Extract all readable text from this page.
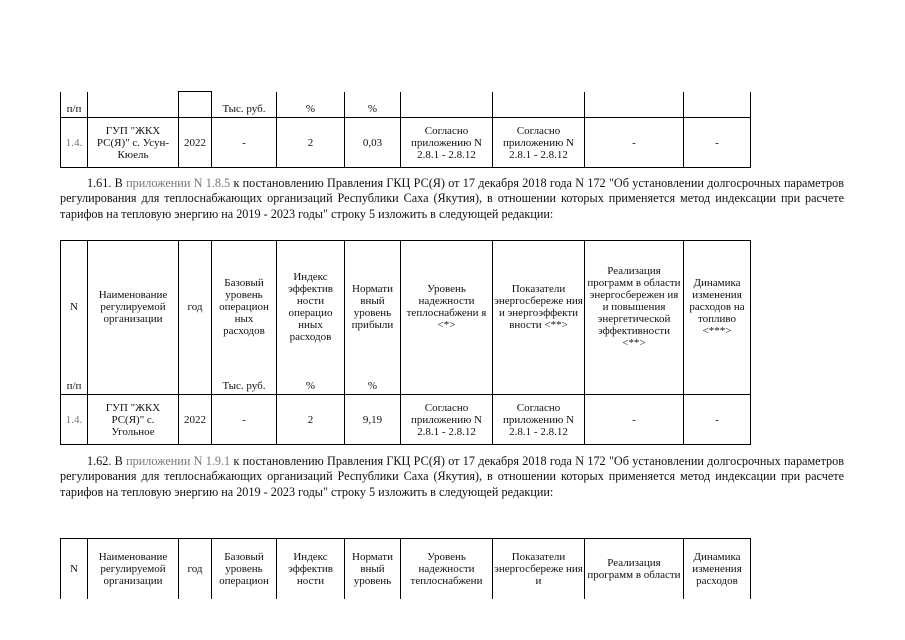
п/п			Тыс. руб.	%	%				
1.4.	ГУП "ЖКХ РС(Я)" с. Усун-Кюель	2022	-	2	0,03	Согласно приложению N 2.8.1 - 2.8.12	Согласно приложению N 2.8.1 - 2.8.12	-	-

1.61. В приложении N 1.8.5 к постановлению Правления ГКЦ РС(Я) от 17 декабря 2018 года N 172 "Об установлении долгосрочных параметров регулирования для теплоснабжающих организаций Республики Саха (Якутия), в отношении которых применяется метод индексации при расчете тарифов на тепловую энергию на 2019 - 2023 годы" строку 5 изложить в следующей редакции:

N	Наименование регулируемой организации	год	Базовый уровень операцион ных расходов	Индекс эффектив ности операцио нных расходов	Нормати вный уровень прибыли	Уровень надежности теплоснабжени я <*>	Показатели энергосбереже ния и энергоэффекти вности <**>	Реализация программ в области энергосбережен ия и повышения энергетической эффективности <**>	Динамика изменения расходов на топливо <***>
п/п			Тыс. руб.	%	%				
1.4.	ГУП "ЖКХ РС(Я)" с. Угольное	2022	-	2	9,19	Согласно приложению N 2.8.1 - 2.8.12	Согласно приложению N 2.8.1 - 2.8.12	-	-

1.62. В приложении N 1.9.1 к постановлению Правления ГКЦ РС(Я) от 17 декабря 2018 года N 172 "Об установлении долгосрочных параметров регулирования для теплоснабжающих организаций Республики Саха (Якутия), в отношении которых применяется метод индексации при расчете тарифов на тепловую энергию на 2019 - 2023 годы" строку 5 изложить в следующей редакции:

N	Наименование регулируемой организации	год	Базовый уровень операцион	Индекс эффектив ности	Нормати вный уровень	Уровень надежности теплоснабжени	Показатели энергосбереже ния и	Реализация программ в области	Динамика изменения расходов
